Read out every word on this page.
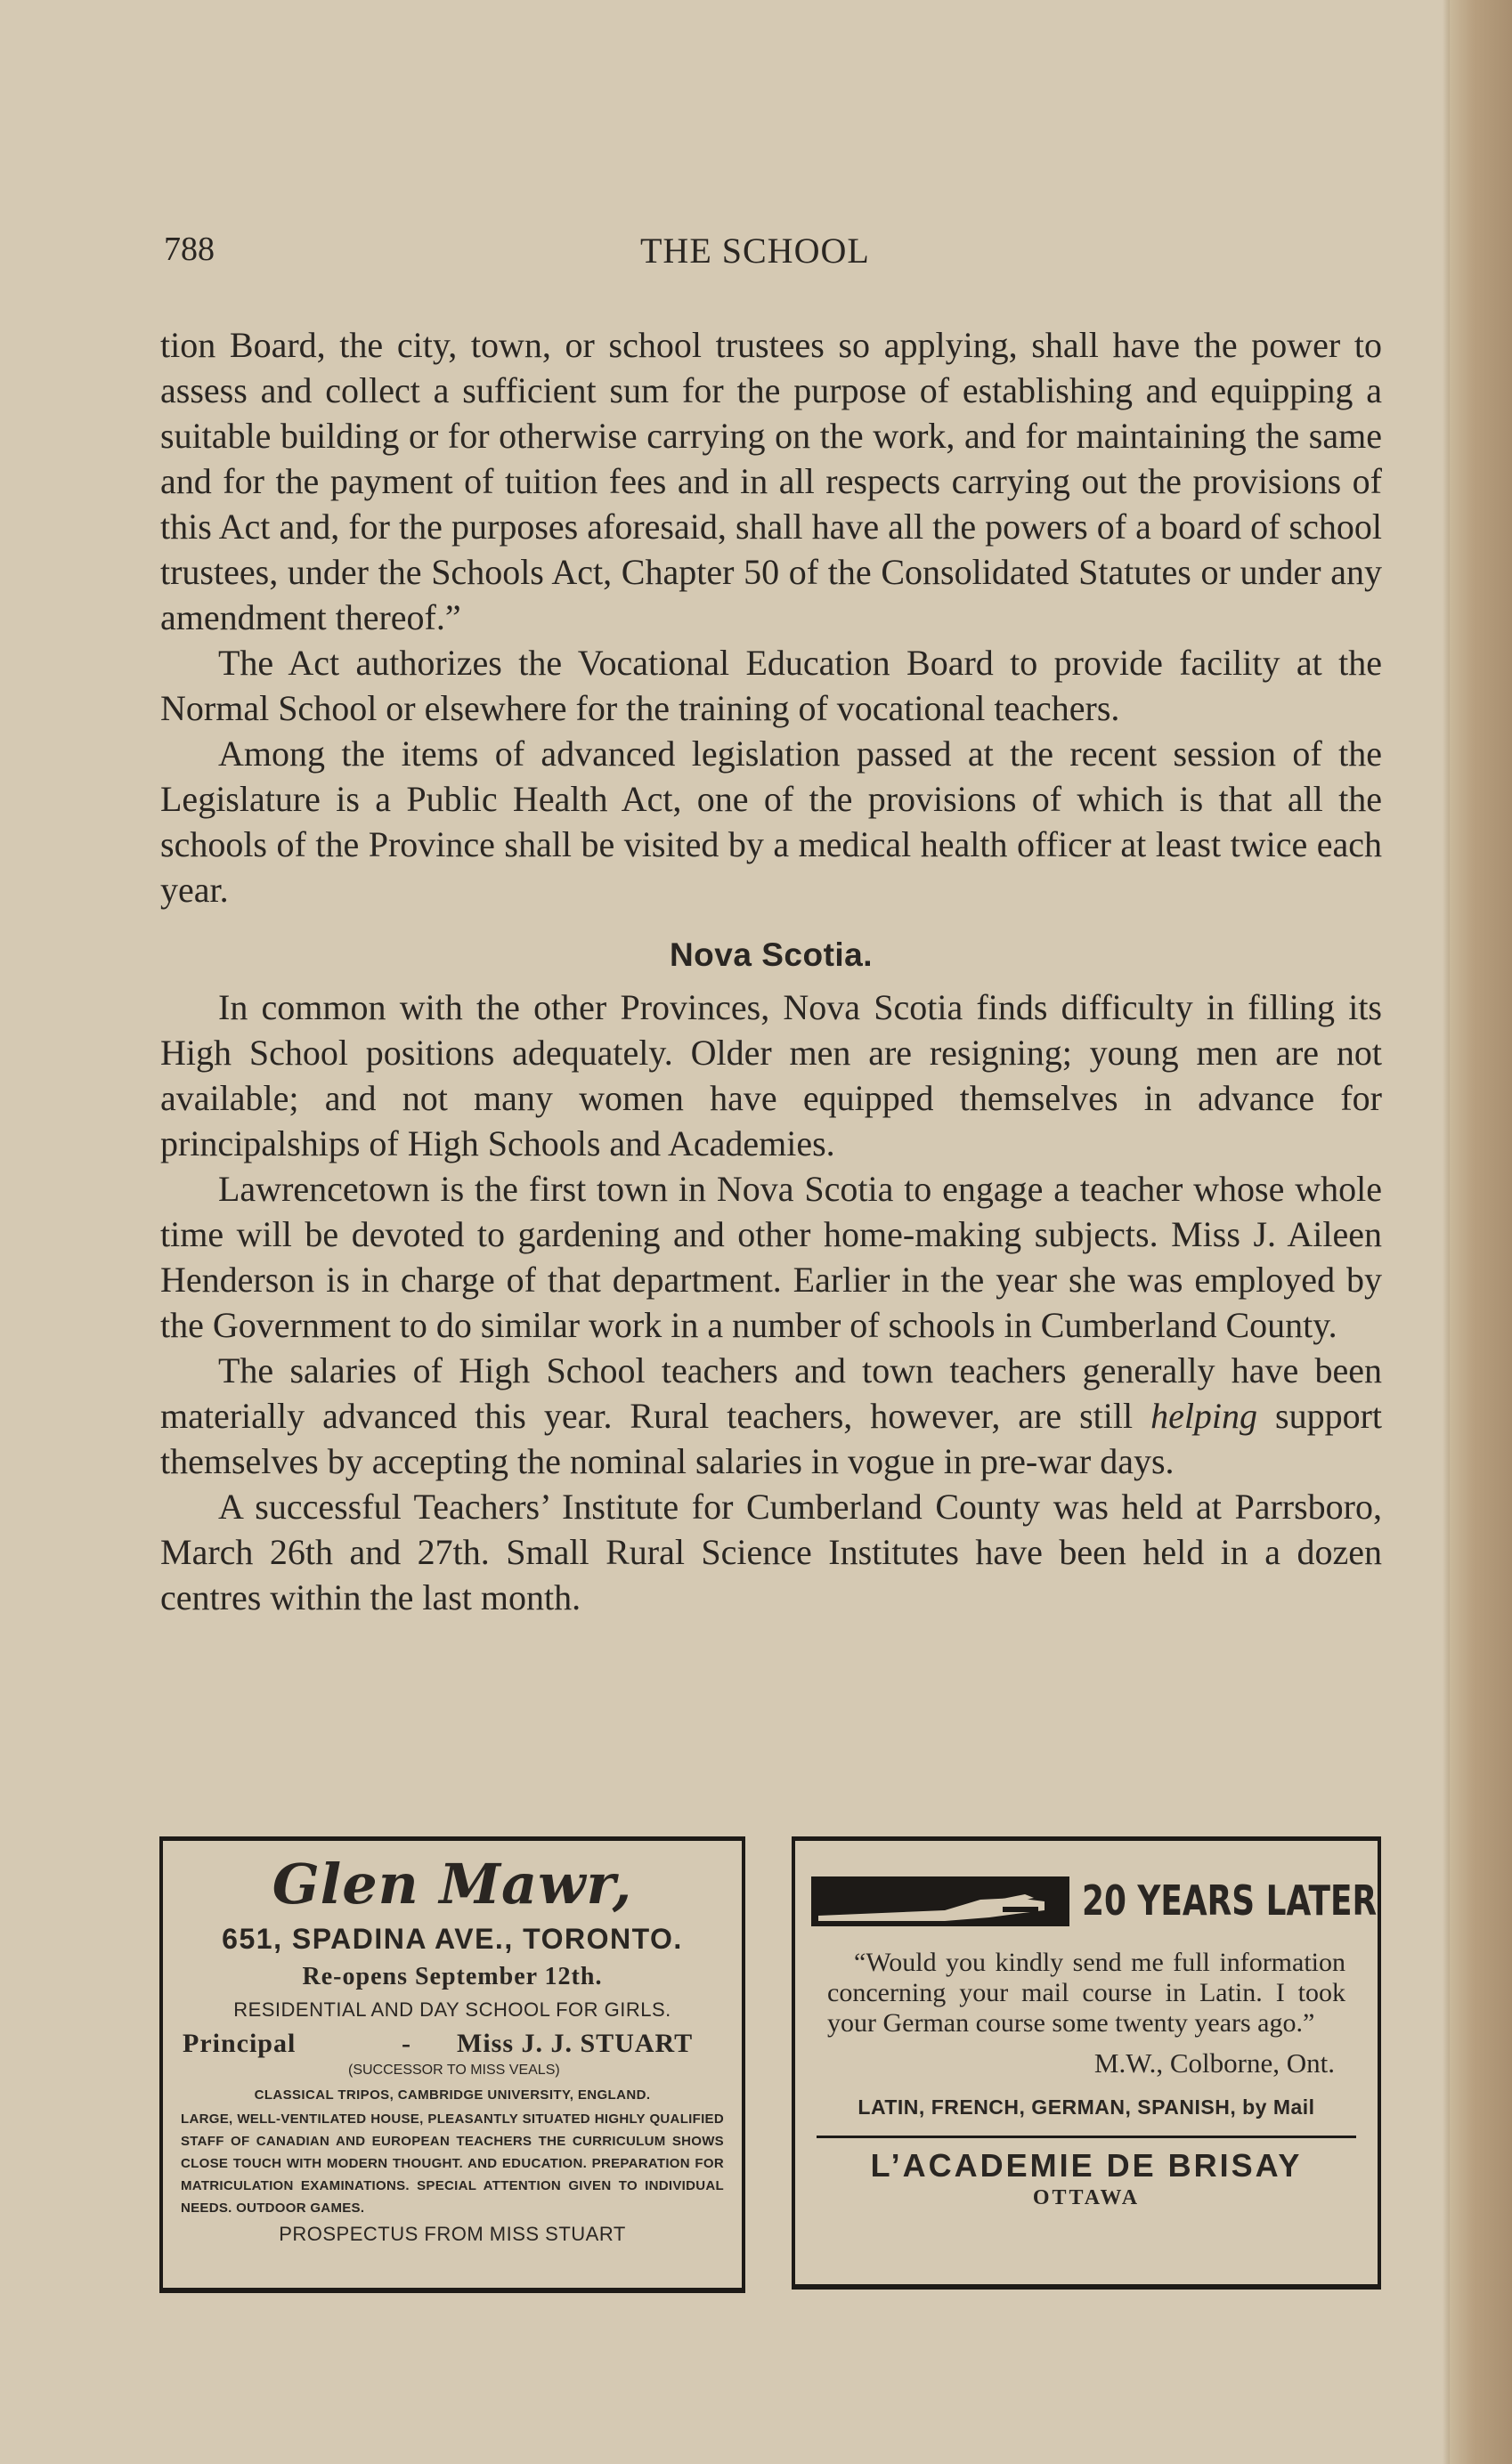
788	THE SCHOOL

tion Board, the city, town, or school trustees so applying, shall have the power to assess and collect a sufficient sum for the purpose of establishing and equipping a suitable building or for otherwise carrying on the work, and for maintaining the same and for the payment of tuition fees and in all respects carrying out the provisions of this Act and, for the purposes aforesaid, shall have all the powers of a board of school trustees, under the Schools Act, Chapter 50 of the Consolidated Statutes or under any amendment thereof.”

The Act authorizes the Vocational Education Board to provide facility at the Normal School or elsewhere for the training of vocational teachers.

Among the items of advanced legislation passed at the recent session of the Legislature is a Public Health Act, one of the provisions of which is that all the schools of the Province shall be visited by a medical health officer at least twice each year.

Nova Scotia.

In common with the other Provinces, Nova Scotia finds difficulty in filling its High School positions adequately. Older men are resigning; young men are not available; and not many women have equipped themselves in advance for principalships of High Schools and Academies.

Lawrencetown is the first town in Nova Scotia to engage a teacher whose whole time will be devoted to gardening and other home-making subjects. Miss J. Aileen Henderson is in charge of that department. Earlier in the year she was employed by the Government to do similar work in a number of schools in Cumberland County.

The salaries of High School teachers and town teachers generally have been materially advanced this year. Rural teachers, however, are still helping support themselves by accepting the nominal salaries in vogue in pre-war days.

A successful Teachers’ Institute for Cumberland County was held at Parrsboro, March 26th and 27th. Small Rural Science Institutes have been held in a dozen centres within the last month.

Glen Mawr,
651, SPADINA AVE., TORONTO.
Re-opens September 12th.
RESIDENTIAL AND DAY SCHOOL FOR GIRLS.
Principal	- Miss J. J. STUART
(SUCCESSOR TO MISS VEALS)
CLASSICAL TRIPOS, CAMBRIDGE UNIVERSITY, ENGLAND.
LARGE, WELL-VENTILATED HOUSE, PLEASANTLY SITUATED HIGHLY QUALIFIED STAFF OF CANADIAN AND EUROPEAN TEACHERS THE CURRICULUM SHOWS CLOSE TOUCH WITH MODERN THOUGHT. AND EDUCATION. PREPARATION FOR MATRICULATION EXAMINATIONS. SPECIAL ATTENTION GIVEN TO INDIVIDUAL NEEDS. OUTDOOR GAMES.
PROSPECTUS FROM MISS STUART
20 YEARS LATER
“Would you kindly send me full information concerning your mail course in Latin. I took your German course some twenty years ago.”
M.W., Colborne, Ont.
LATIN, FRENCH, GERMAN, SPANISH, by Mail
L’ACADEMIE DE BRISAY
OTTAWA
